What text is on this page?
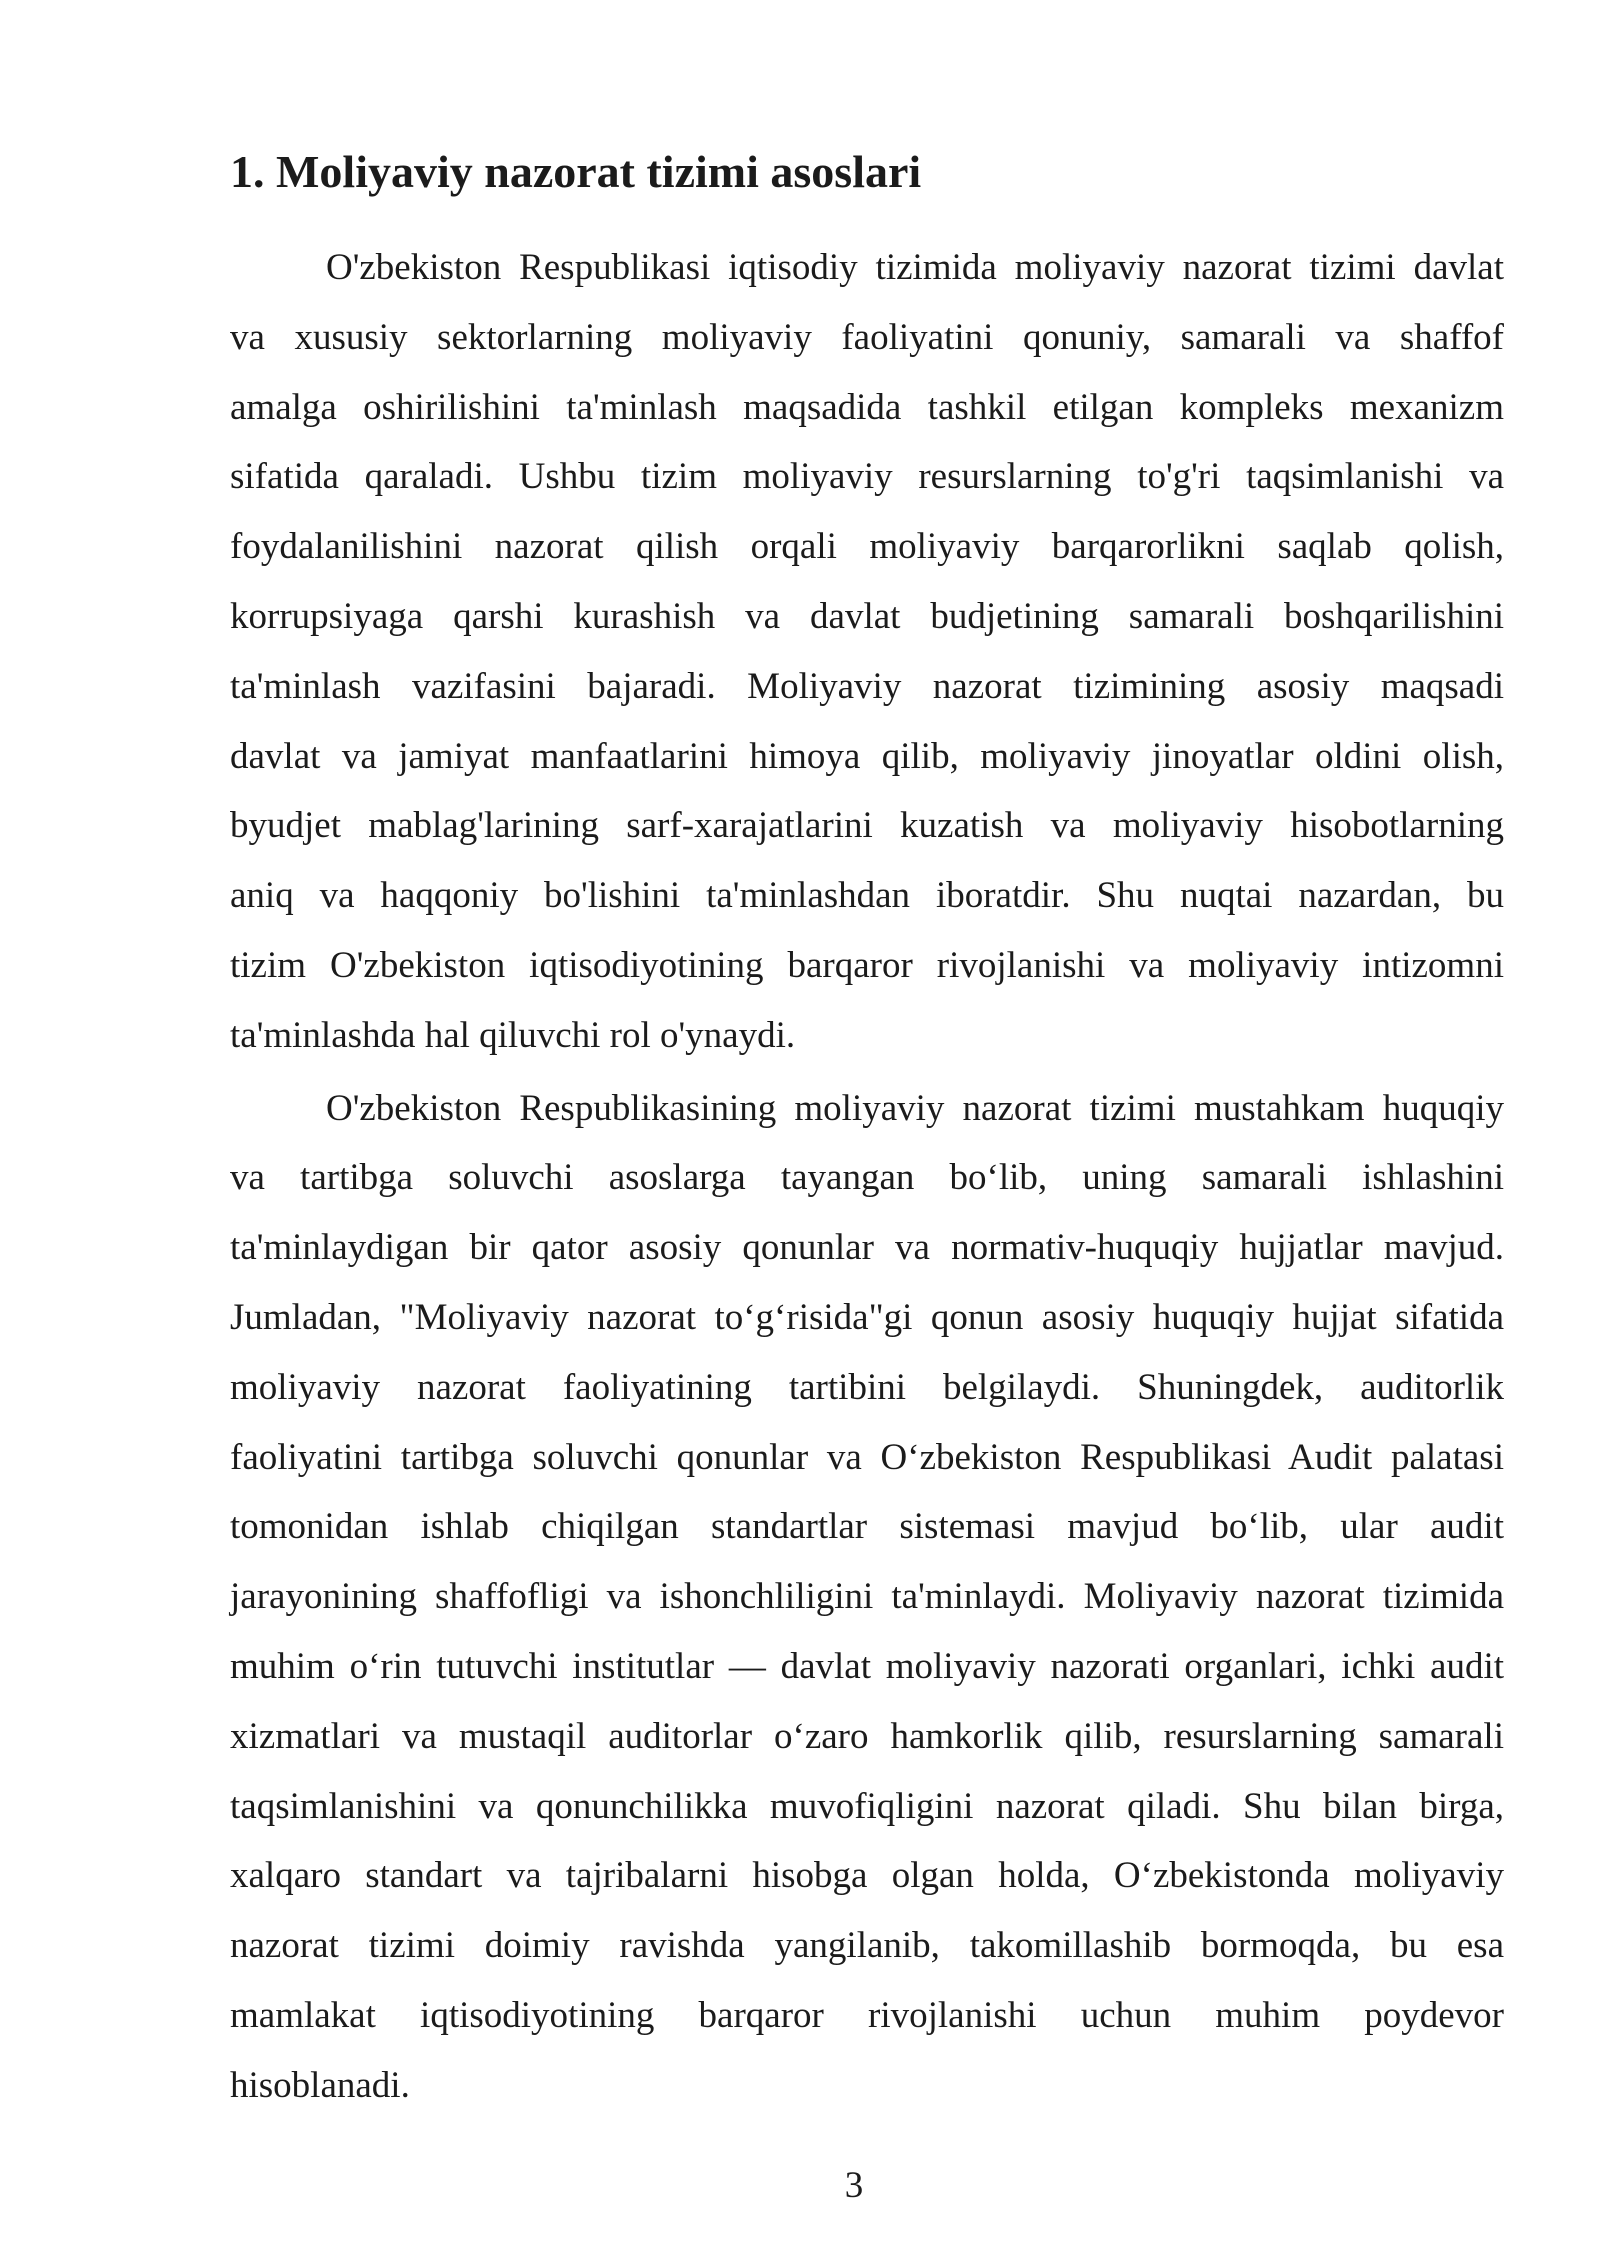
1. Moliyaviy nazorat tizimi asoslari
O'zbekiston Respublikasi iqtisodiy tizimida moliyaviy nazorat tizimi davlat
va xususiy sektorlarning moliyaviy faoliyatini qonuniy, samarali va shaffof
amalga oshirilishini ta'minlash maqsadida tashkil etilgan kompleks mexanizm
sifatida qaraladi. Ushbu tizim moliyaviy resurslarning to'g'ri taqsimlanishi va
foydalanilishini nazorat qilish orqali moliyaviy barqarorlikni saqlab qolish,
korrupsiyaga qarshi kurashish va davlat budjetining samarali boshqarilishini
ta'minlash vazifasini bajaradi. Moliyaviy nazorat tizimining asosiy maqsadi
davlat va jamiyat manfaatlarini himoya qilib, moliyaviy jinoyatlar oldini olish,
byudjet mablag'larining sarf-xarajatlarini kuzatish va moliyaviy hisobotlarning
aniq va haqqoniy bo'lishini ta'minlashdan iboratdir. Shu nuqtai nazardan, bu
tizim O'zbekiston iqtisodiyotining barqaror rivojlanishi va moliyaviy intizomni
ta'minlashda hal qiluvchi rol o'ynaydi.
O'zbekiston Respublikasining moliyaviy nazorat tizimi mustahkam huquqiy
va tartibga soluvchi asoslarga tayangan bo‘lib, uning samarali ishlashini
ta'minlaydigan bir qator asosiy qonunlar va normativ-huquqiy hujjatlar mavjud.
Jumladan, "Moliyaviy nazorat to‘g‘risida"gi qonun asosiy huquqiy hujjat sifatida
moliyaviy nazorat faoliyatining tartibini belgilaydi. Shuningdek, auditorlik
faoliyatini tartibga soluvchi qonunlar va O‘zbekiston Respublikasi Audit palatasi
tomonidan ishlab chiqilgan standartlar sistemasi mavjud bo‘lib, ular audit
jarayonining shaffofligi va ishonchliligini ta'minlaydi. Moliyaviy nazorat tizimida
muhim o‘rin tutuvchi institutlar — davlat moliyaviy nazorati organlari, ichki audit
xizmatlari va mustaqil auditorlar o‘zaro hamkorlik qilib, resurslarning samarali
taqsimlanishini va qonunchilikka muvofiqligini nazorat qiladi. Shu bilan birga,
xalqaro standart va tajribalarni hisobga olgan holda, O‘zbekistonda moliyaviy
nazorat tizimi doimiy ravishda yangilanib, takomillashib bormoqda, bu esa
mamlakat iqtisodiyotining barqaror rivojlanishi uchun muhim poydevor
hisoblanadi.
3
